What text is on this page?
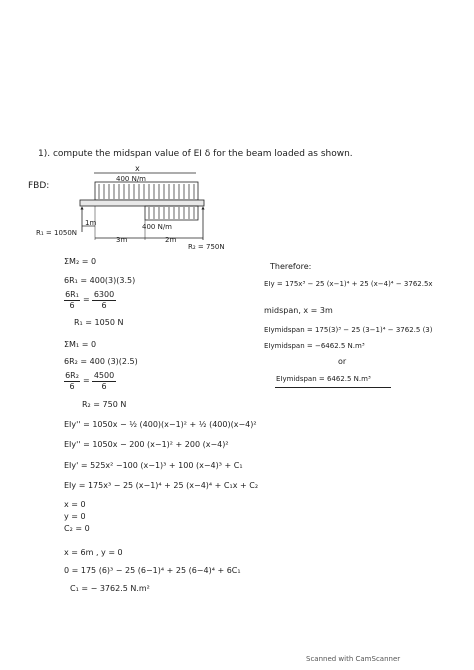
1). compute the midspan value of EI δ for the beam loaded as shown.
FBD:
x
400 N/m
400 N/m
1m
3m	2m
R₁ = 1050N
R₂ = 750N
ΣM₂ = 0
6R₁ = 400(3)(3.5)
$\frac{\text{6R₁}}{6} = \frac{6300}{6}$
R₁ = 1050 N
ΣM₁ = 0
6R₂ = 400 (3)(2.5)
$\frac{\text{6R₂}}{6} = \frac{4500}{6}$
R₂ = 750 N
EIy'' = 1050x − ½ (400)(x−1)² + ½ (400)(x−4)²
EIy'' = 1050x − 200 (x−1)² + 200 (x−4)²
EIy' = 525x² −100 (x−1)³ + 100 (x−4)³ + C₁
EIy = 175x³ − 25 (x−1)⁴ + 25 (x−4)⁴ + C₁x + C₂
x = 0
y = 0
C₂ = 0
x = 6m , y = 0
0 = 175 (6)³ − 25 (6−1)⁴ + 25 (6−4)⁴ + 6C₁
C₁ = − 3762.5 N.m²
Therefore:
EIy = 175x³ − 25 (x−1)⁴ + 25 (x−4)⁴ − 3762.5x
midspan, x = 3m
EIymidspan = 175(3)³ − 25 (3−1)⁴ − 3762.5 (3)
EIymidspan = −6462.5 N.m³
or
EIymidspan = 6462.5 N.m³
Scanned with CamScanner
